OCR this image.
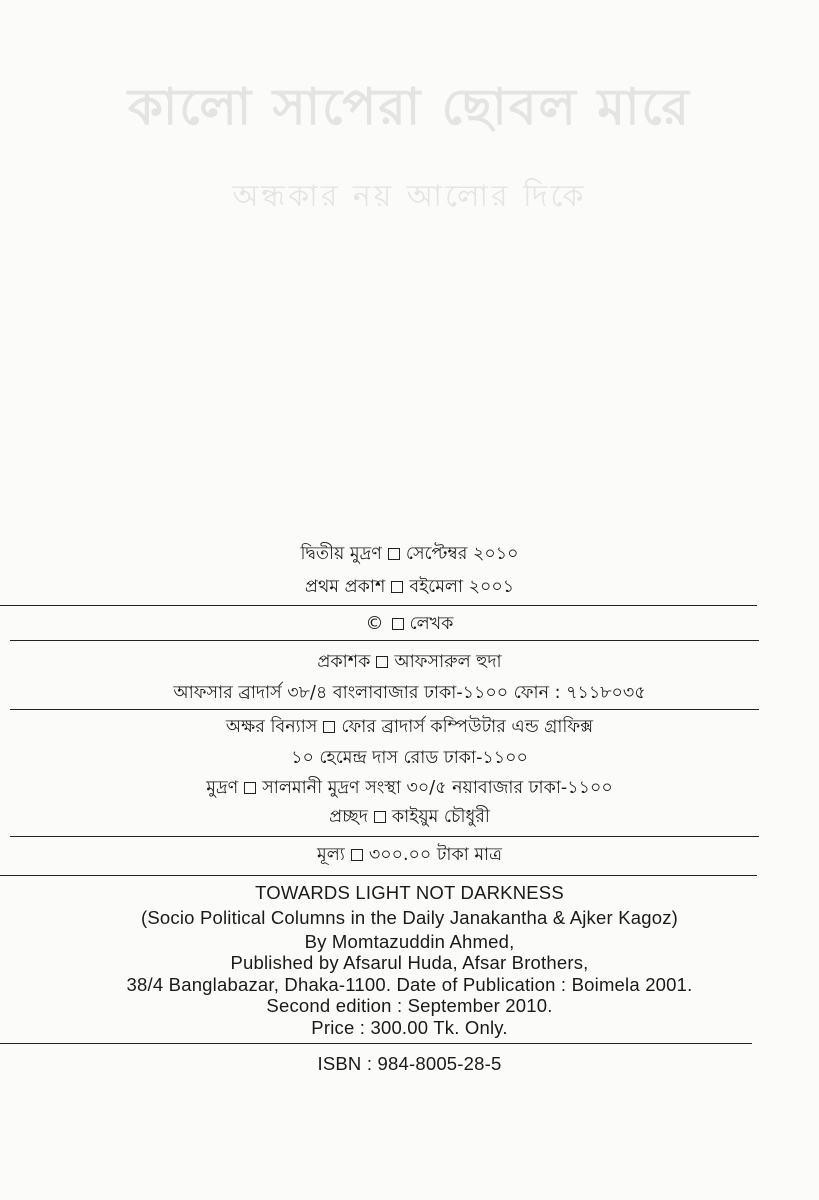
কালো সাপেরা ছোবল মারে
অন্ধকার নয় আলোর দিকে
দ্বিতীয় মুদ্রণ সেপ্টেম্বর ২০১০
প্রথম প্রকাশ বইমেলা ২০০১
© লেখক
প্রকাশক আফসারুল হুদা
আফসার ব্রাদার্স ৩৮/৪ বাংলাবাজার ঢাকা-১১০০ ফোন : ৭১১৮০৩৫
অক্ষর বিন্যাস ফোর ব্রাদার্স কম্পিউটার এন্ড গ্রাফিক্স
১০ হেমেন্দ্র দাস রোড ঢাকা-১১০০
মুদ্রণ সালমানী মুদ্রণ সংস্থা ৩০/৫ নয়াবাজার ঢাকা-১১০০
প্রচ্ছদ কাইয়ুম চৌধুরী
মূল্য ৩০০.০০ টাকা মাত্র
TOWARDS LIGHT NOT DARKNESS
(Socio Political Columns in the Daily Janakantha & Ajker Kagoz)
By Momtazuddin Ahmed,
Published by Afsarul Huda, Afsar Brothers,
38/4 Banglabazar, Dhaka-1100. Date of Publication : Boimela 2001.
Second edition : September 2010.
Price : 300.00 Tk. Only.
ISBN : 984-8005-28-5
